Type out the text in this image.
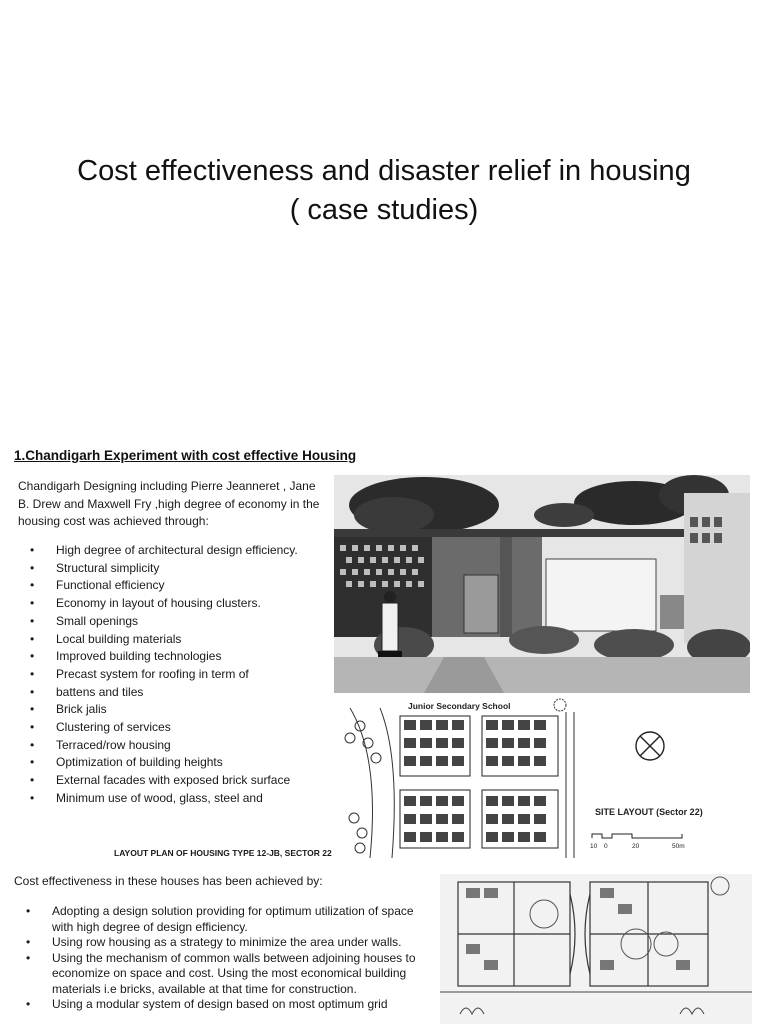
Cost effectiveness and disaster relief in housing
( case studies)
1.Chandigarh Experiment with cost effective Housing
Chandigarh Designing including Pierre Jeanneret , Jane B. Drew and Maxwell Fry ,high degree of economy in the housing cost was achieved through:
• High degree of architectural design efficiency.
• Structural simplicity
• Functional efficiency
• Economy in layout of housing clusters.
• Small openings
• Local building materials
• Improved building technologies
• Precast system for roofing in term of
• battens and tiles
• Brick jalis
• Clustering of services
• Terraced/row housing
• Optimization of building heights
• External facades with exposed brick surface
• Minimum use of wood, glass, steel and
Junior Secondary School
SITE LAYOUT (Sector 22)
10 0	20	50m
LAYOUT PLAN OF HOUSING TYPE 12-JB, SECTOR 22
Cost effectiveness in these houses has been achieved by:
• Adopting a design solution providing for optimum utilization of space with high degree of design efficiency.
• Using row housing as a strategy to minimize the area under walls.
• Using the mechanism of common walls between adjoining houses to economize on space and cost. Using the most economical building materials i.e bricks, available at that time for construction.
• Using a modular system of design based on most optimum grid
